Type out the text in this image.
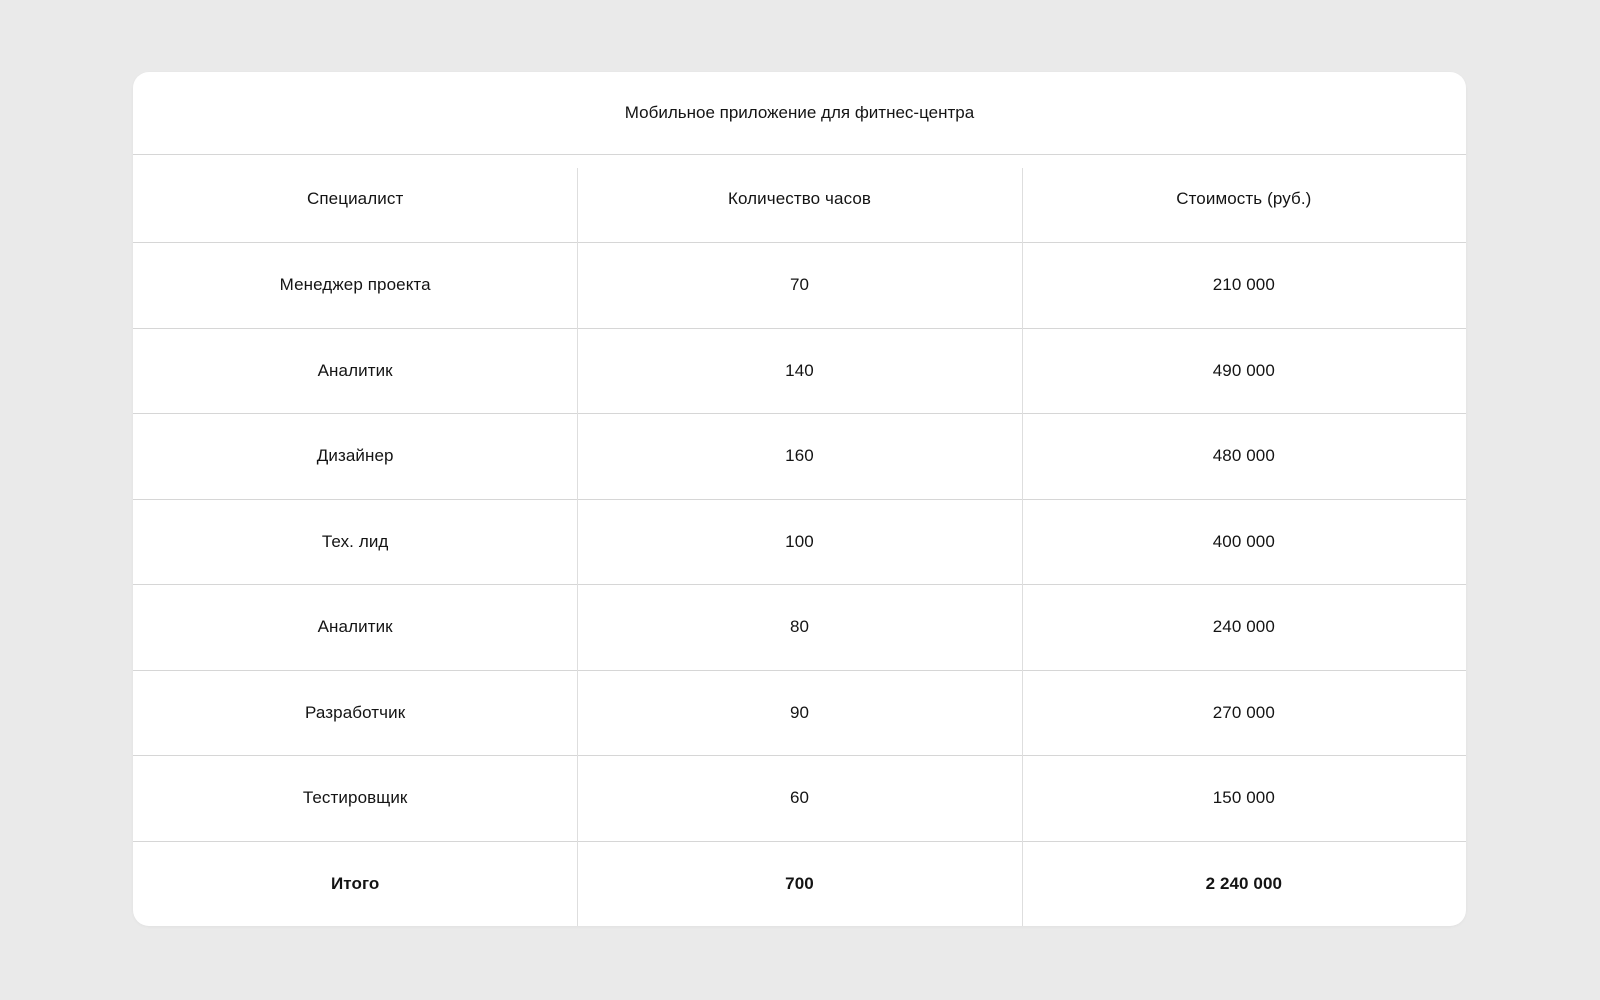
Мобильное приложение для фитнес-центра
Специалист	Количество часов	Стоимость (руб.)
Менеджер проекта	70	210 000
Аналитик	140	490 000
Дизайнер	160	480 000
Тех. лид	100	400 000
Аналитик	80	240 000
Разработчик	90	270 000
Тестировщик	60	150 000
Итого	700	2 240 000
